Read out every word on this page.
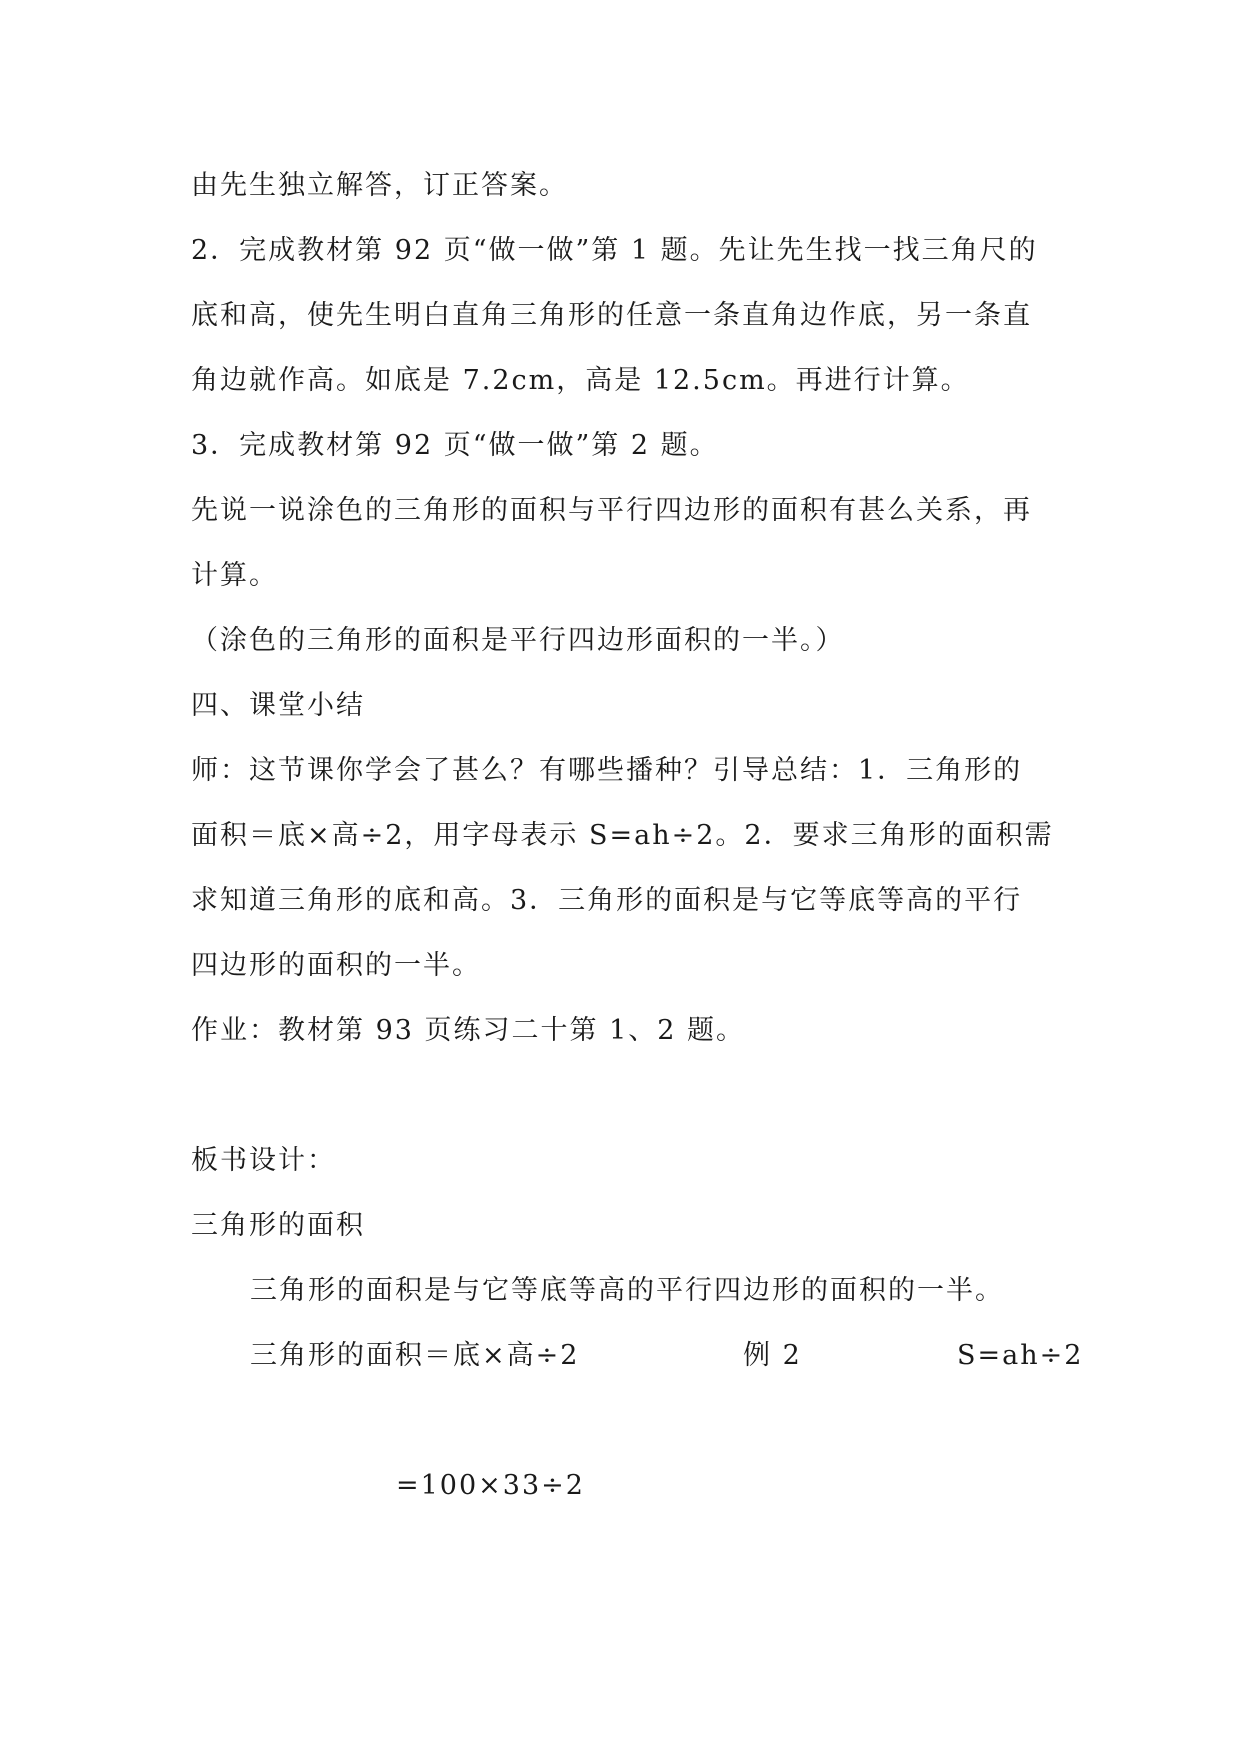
由先生独立解答，订正答案。
2．完成教材第 92 页“做一做”第 1 题。先让先生找一找三角尺的
底和高，使先生明白直角三角形的任意一条直角边作底，另一条直
角边就作高。如底是 7.2cm，高是 12.5cm。再进行计算。
3．完成教材第 92 页“做一做”第 2 题。
先说一说涂色的三角形的面积与平行四边形的面积有甚么关系，再
计算。
（涂色的三角形的面积是平行四边形面积的一半。）
四、课堂小结
师：这节课你学会了甚么？有哪些播种？引导总结：1．三角形的
面积＝底×高÷2，用字母表示 S=ah÷2。2．要求三角形的面积需
求知道三角形的底和高。3．三角形的面积是与它等底等高的平行
四边形的面积的一半。
作业：教材第 93 页练习二十第 1、2 题。
板书设计：
三角形的面积
三角形的面积是与它等底等高的平行四边形的面积的一半。
三角形的面积＝底×高÷2	例 2	S=ah÷2
=100×33÷2
